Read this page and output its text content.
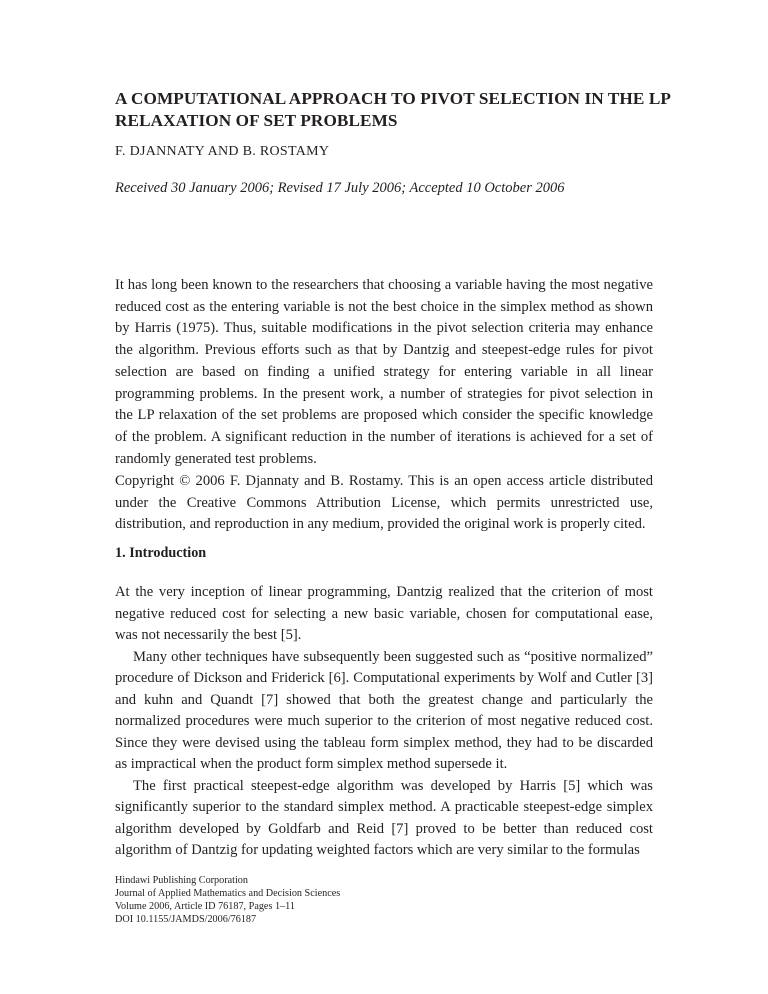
A COMPUTATIONAL APPROACH TO PIVOT SELECTION IN THE LP RELAXATION OF SET PROBLEMS

F. DJANNATY AND B. ROSTAMY

Received 30 January 2006; Revised 17 July 2006; Accepted 10 October 2006

It has long been known to the researchers that choosing a variable having the most negative reduced cost as the entering variable is not the best choice in the simplex method as shown by Harris (1975). Thus, suitable modifications in the pivot selection criteria may enhance the algorithm. Previous efforts such as that by Dantzig and steepest-edge rules for pivot selection are based on finding a unified strategy for entering variable in all linear programming problems. In the present work, a number of strategies for pivot selection in the LP relaxation of the set problems are proposed which consider the specific knowledge of the problem. A significant reduction in the number of iterations is achieved for a set of randomly generated test problems.

Copyright © 2006 F. Djannaty and B. Rostamy. This is an open access article distributed under the Creative Commons Attribution License, which permits unrestricted use, distribution, and reproduction in any medium, provided the original work is properly cited.

1. Introduction

At the very inception of linear programming, Dantzig realized that the criterion of most negative reduced cost for selecting a new basic variable, chosen for computational ease, was not necessarily the best [5].

Many other techniques have subsequently been suggested such as “positive normalized” procedure of Dickson and Friderick [6]. Computational experiments by Wolf and Cutler [3] and kuhn and Quandt [7] showed that both the greatest change and particularly the normalized procedures were much superior to the criterion of most negative reduced cost. Since they were devised using the tableau form simplex method, they had to be discarded as impractical when the product form simplex method supersede it.

The first practical steepest-edge algorithm was developed by Harris [5] which was significantly superior to the standard simplex method. A practicable steepest-edge simplex algorithm developed by Goldfarb and Reid [7] proved to be better than reduced cost algorithm of Dantzig for updating weighted factors which are very similar to the formulas

Hindawi Publishing Corporation
Journal of Applied Mathematics and Decision Sciences
Volume 2006, Article ID 76187, Pages 1–11
DOI 10.1155/JAMDS/2006/76187
